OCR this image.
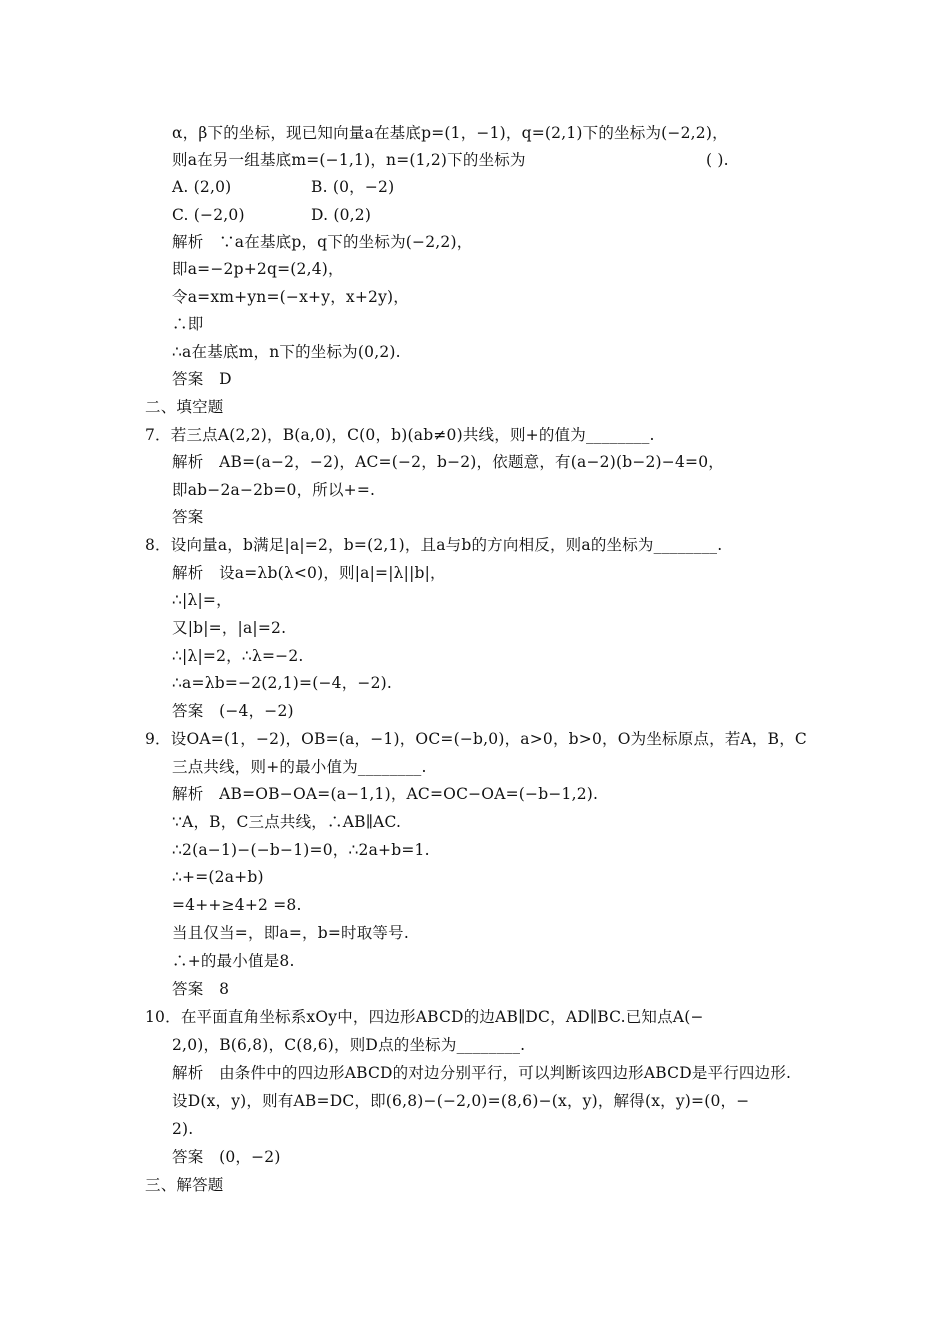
α，β下的坐标，现已知向量a在基底p=(1，−1)，q=(2,1)下的坐标为(−2,2)，
则a在另一组基底m=(−1,1)，n=(1,2)下的坐标为	( ).
A. (2,0)	B. (0，−2)
C. (−2,0)	D. (0,2)
解析　∵a在基底p，q下的坐标为(−2,2)，
即a=−2p+2q=(2,4)，
令a=xm+yn=(−x+y，x+2y)，
∴即
∴a在基底m，n下的坐标为(0,2).
答案　D
二、填空题
7．若三点A(2,2)，B(a,0)，C(0，b)(ab≠0)共线，则+的值为________.
解析　AB=(a−2，−2)，AC=(−2，b−2)，依题意，有(a−2)(b−2)−4=0，
即ab−2a−2b=0，所以+=.
答案
8．设向量a，b满足|a|=2，b=(2,1)，且a与b的方向相反，则a的坐标为________.
解析　设a=λb(λ<0)，则|a|=|λ||b|，
∴|λ|=，
又|b|=，|a|=2.
∴|λ|=2，∴λ=−2.
∴a=λb=−2(2,1)=(−4，−2).
答案　(−4，−2)
9．设OA=(1，−2)，OB=(a，−1)，OC=(−b,0)，a>0，b>0，O为坐标原点，若A，B，C
三点共线，则+的最小值为________.
解析　AB=OB−OA=(a−1,1)，AC=OC−OA=(−b−1,2).
∵A，B，C三点共线，∴AB∥AC.
∴2(a−1)−(−b−1)=0，∴2a+b=1.
∴+=(2a+b)
=4++≥4+2 =8.
当且仅当=，即a=，b=时取等号.
∴+的最小值是8.
答案　8
10．在平面直角坐标系xOy中，四边形ABCD的边AB∥DC，AD∥BC.已知点A(−
2,0)，B(6,8)，C(8,6)，则D点的坐标为________.
解析　由条件中的四边形ABCD的对边分别平行，可以判断该四边形ABCD是平行四边形.
设D(x，y)，则有AB=DC，即(6,8)−(−2,0)=(8,6)−(x，y)，解得(x，y)=(0，−
2).
答案　(0，−2)
三、解答题
